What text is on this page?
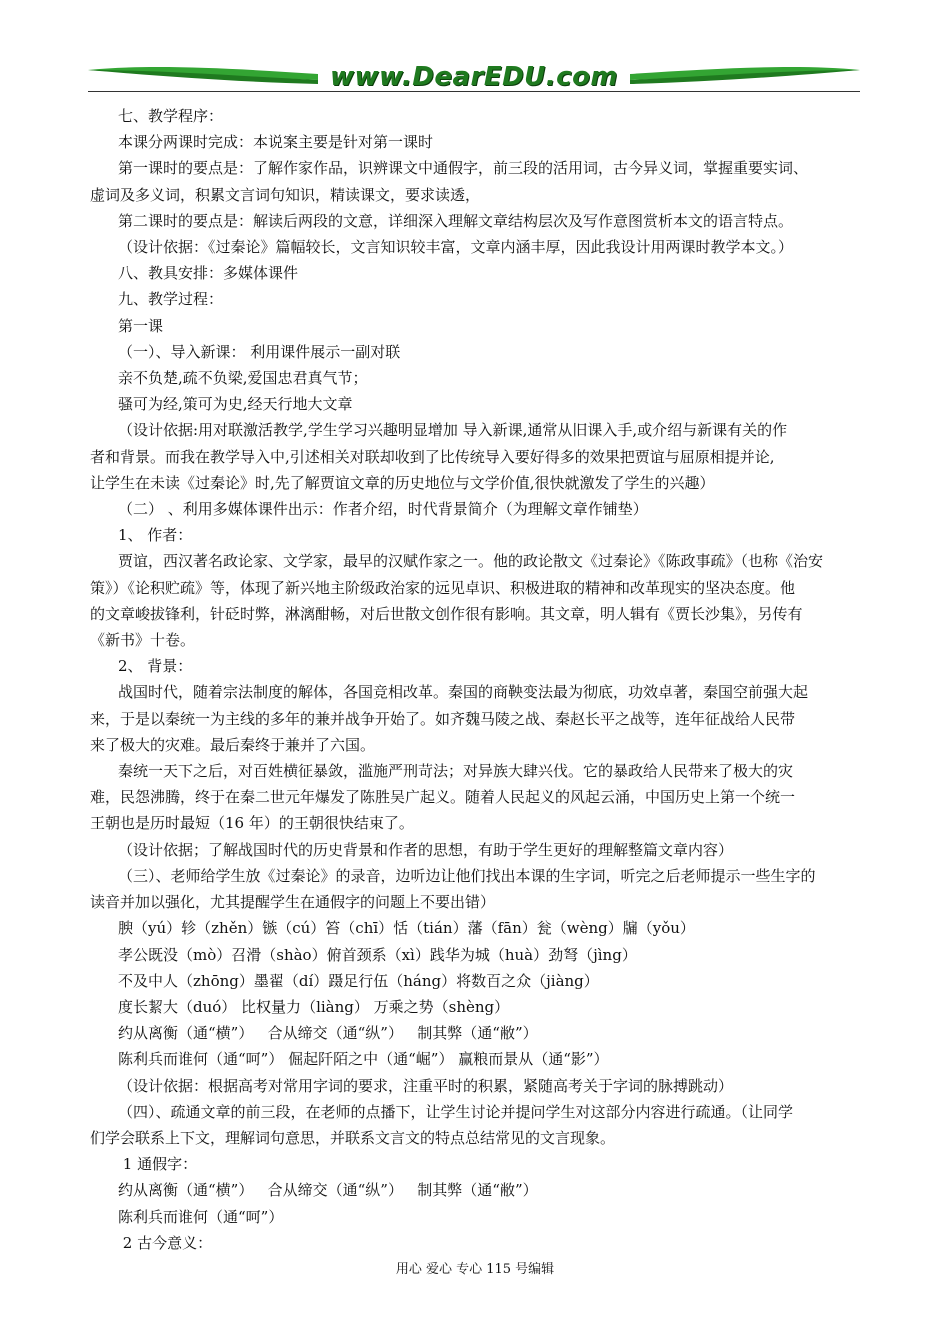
www.DearEDU.com

七、教学程序：

本课分两课时完成：本说案主要是针对第一课时

第一课时的要点是：了解作家作品，识辨课文中通假字，前三段的活用词，古今异义词，掌握重要实词、

虚词及多义词，积累文言词句知识，精读课文，要求读透，

第二课时的要点是：解读后两段的文意，详细深入理解文章结构层次及写作意图赏析本文的语言特点。

（设计依据：《过秦论》篇幅较长，文言知识较丰富，文章内涵丰厚，因此我设计用两课时教学本文。）

八、教具安排：多媒体课件

九、教学过程：

第一课

（一）、导入新课： 利用课件展示一副对联

亲不负楚,疏不负梁,爱国忠君真气节；

骚可为经,策可为史,经天行地大文章

（设计依据:用对联激活教学,学生学习兴趣明显增加 导入新课,通常从旧课入手,或介绍与新课有关的作

者和背景。而我在教学导入中,引述相关对联却收到了比传统导入要好得多的效果把贾谊与屈原相提并论,

让学生在未读《过秦论》时,先了解贾谊文章的历史地位与文学价值,很快就激发了学生的兴趣）

（二） 、利用多媒体课件出示：作者介绍，时代背景简介（为理解文章作铺垫）

1、 作者：

贾谊，西汉著名政论家、文学家，最早的汉赋作家之一。他的政论散文《过秦论》《陈政事疏》（也称《治安

策》）《论积贮疏》等，体现了新兴地主阶级政治家的远见卓识、积极进取的精神和改革现实的坚决态度。他

的文章峻拔锋利，针砭时弊，淋漓酣畅，对后世散文创作很有影响。其文章，明人辑有《贾长沙集》，另传有

《新书》十卷。

2、 背景：

战国时代，随着宗法制度的解体，各国竞相改革。秦国的商鞅变法最为彻底，功效卓著，秦国空前强大起

来，于是以秦统一为主线的多年的兼并战争开始了。如齐魏马陵之战、秦赵长平之战等，连年征战给人民带

来了极大的灾难。最后秦终于兼并了六国。

秦统一天下之后，对百姓横征暴敛，滥施严刑苛法；对异族大肆兴伐。它的暴政给人民带来了极大的灾

难，民怨沸腾，终于在秦二世元年爆发了陈胜吴广起义。随着人民起义的风起云涌，中国历史上第一个统一

王朝也是历时最短（16 年）的王朝很快结束了。

（设计依据；了解战国时代的历史背景和作者的思想，有助于学生更好的理解整篇文章内容）

（三）、老师给学生放《过秦论》的录音，边听边让他们找出本课的生字词，听完之后老师提示一些生字的

读音并加以强化，尤其提醒学生在通假字的问题上不要出错）

腴（yú）轸（zhěn）镞（cú）笞（chī）恬（tián）藩（fān）瓮（wèng）牖（yǒu）

孝公既没（mò）召滑（shào）俯首颈系（xì）践华为城（huà）劲弩（jìng）

不及中人（zhōng）墨翟（dí）蹑足行伍（háng）将数百之众（jiàng）

度长絜大（duó） 比权量力（liàng） 万乘之势（shèng）

约从离衡（通“横”）   合从缔交（通“纵”）   制其弊（通“敝”）

陈利兵而谁何（通“呵”） 倔起阡陌之中（通“崛”） 赢粮而景从（通“影”）

（设计依据：根据高考对常用字词的要求，注重平时的积累，紧随高考关于字词的脉搏跳动）

（四）、疏通文章的前三段，在老师的点播下，让学生讨论并提问学生对这部分内容进行疏通。（让同学

们学会联系上下文，理解词句意思，并联系文言文的特点总结常见的文言现象。

1 通假字：

约从离衡（通“横”）   合从缔交（通“纵”）   制其弊（通“敝”）

陈利兵而谁何（通“呵”）

2 古今意义：

用心 爱心 专心 115 号编辑
